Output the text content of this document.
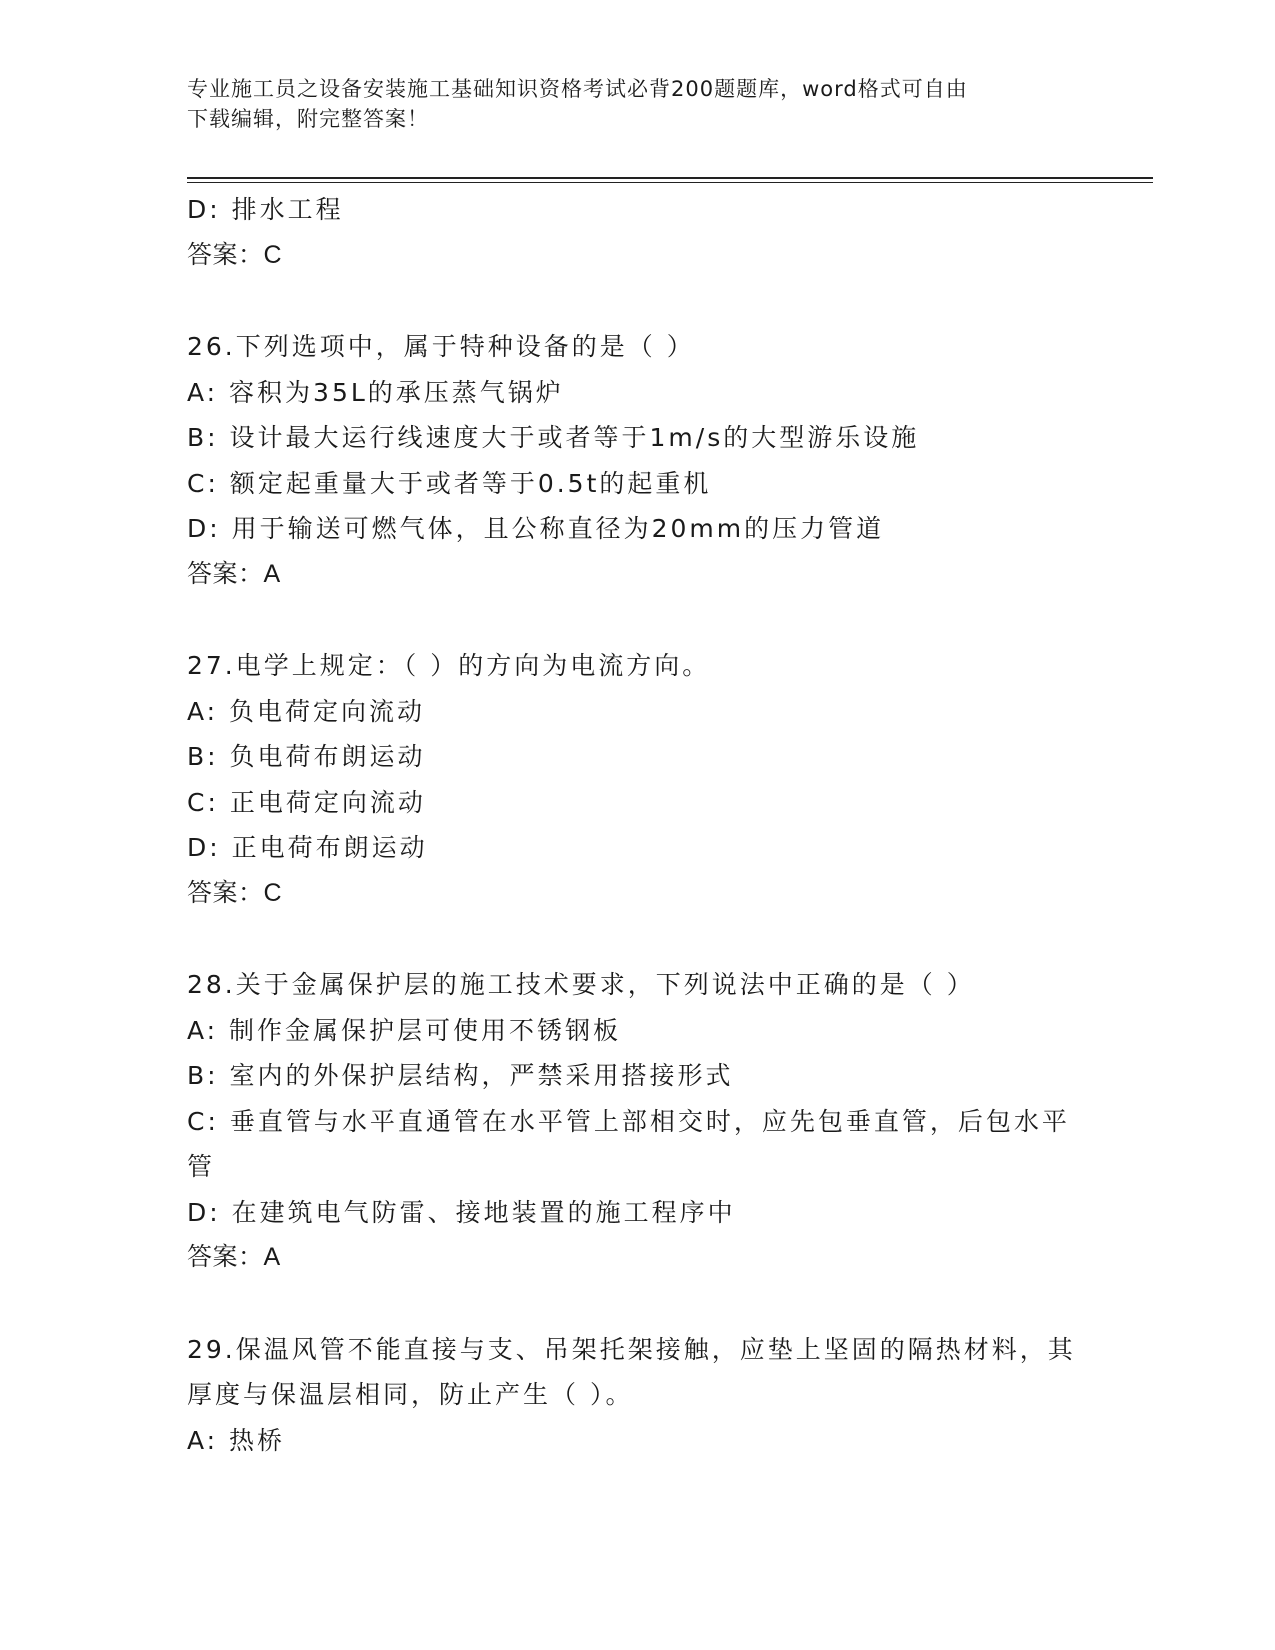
专业施工员之设备安装施工基础知识资格考试必背200题题库，word格式可自由
下载编辑，附完整答案！
D: 排水工程
答案：C
26.下列选项中，属于特种设备的是（ ）
A: 容积为35L的承压蒸气锅炉
B: 设计最大运行线速度大于或者等于1m/s的大型游乐设施
C: 额定起重量大于或者等于0.5t的起重机
D: 用于输送可燃气体，且公称直径为20mm的压力管道
答案：A
27.电学上规定：（ ）的方向为电流方向。
A: 负电荷定向流动
B: 负电荷布朗运动
C: 正电荷定向流动
D: 正电荷布朗运动
答案：C
28.关于金属保护层的施工技术要求，下列说法中正确的是（ ）
A: 制作金属保护层可使用不锈钢板
B: 室内的外保护层结构，严禁采用搭接形式
C: 垂直管与水平直通管在水平管上部相交时，应先包垂直管，后包水平管
D: 在建筑电气防雷、接地装置的施工程序中
答案：A
29.保温风管不能直接与支、吊架托架接触，应垫上坚固的隔热材料，其厚度与保温层相同，防止产生（ ）。
A: 热桥
